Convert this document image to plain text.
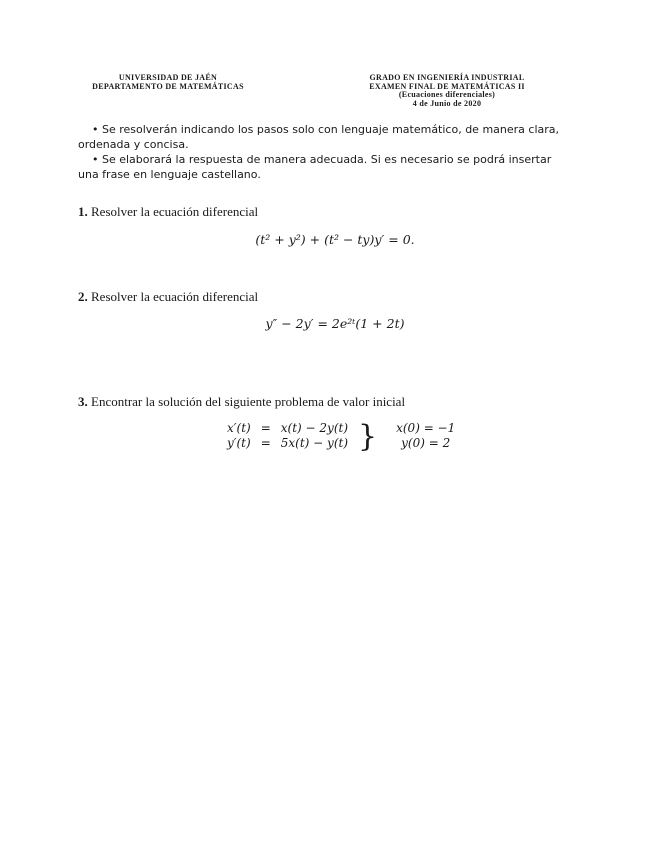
UNIVERSIDAD DE JAÉN
DEPARTAMENTO DE MATEMÁTICAS
GRADO EN INGENIERÍA INDUSTRIAL
EXAMEN FINAL DE MATEMÁTICAS II
(Ecuaciones diferenciales)
4 de Junio de 2020
• Se resolverán indicando los pasos solo con lenguaje matemático, de manera clara, ordenada y concisa.
• Se elaborará la respuesta de manera adecuada. Si es necesario se podrá insertar una frase en lenguaje castellano.
1. Resolver la ecuación diferencial
(t² + y²) + (t² − ty)y′ = 0.
2. Resolver la ecuación diferencial
y″ − 2y′ = 2e²ᵗ(1 + 2t)
3. Encontrar la solución del siguiente problema de valor inicial
x′(t)	=	x(t) − 2y(t)	}	x(0) = −1
y′(t)	=	5x(t) − y(t)		y(0) = 2
